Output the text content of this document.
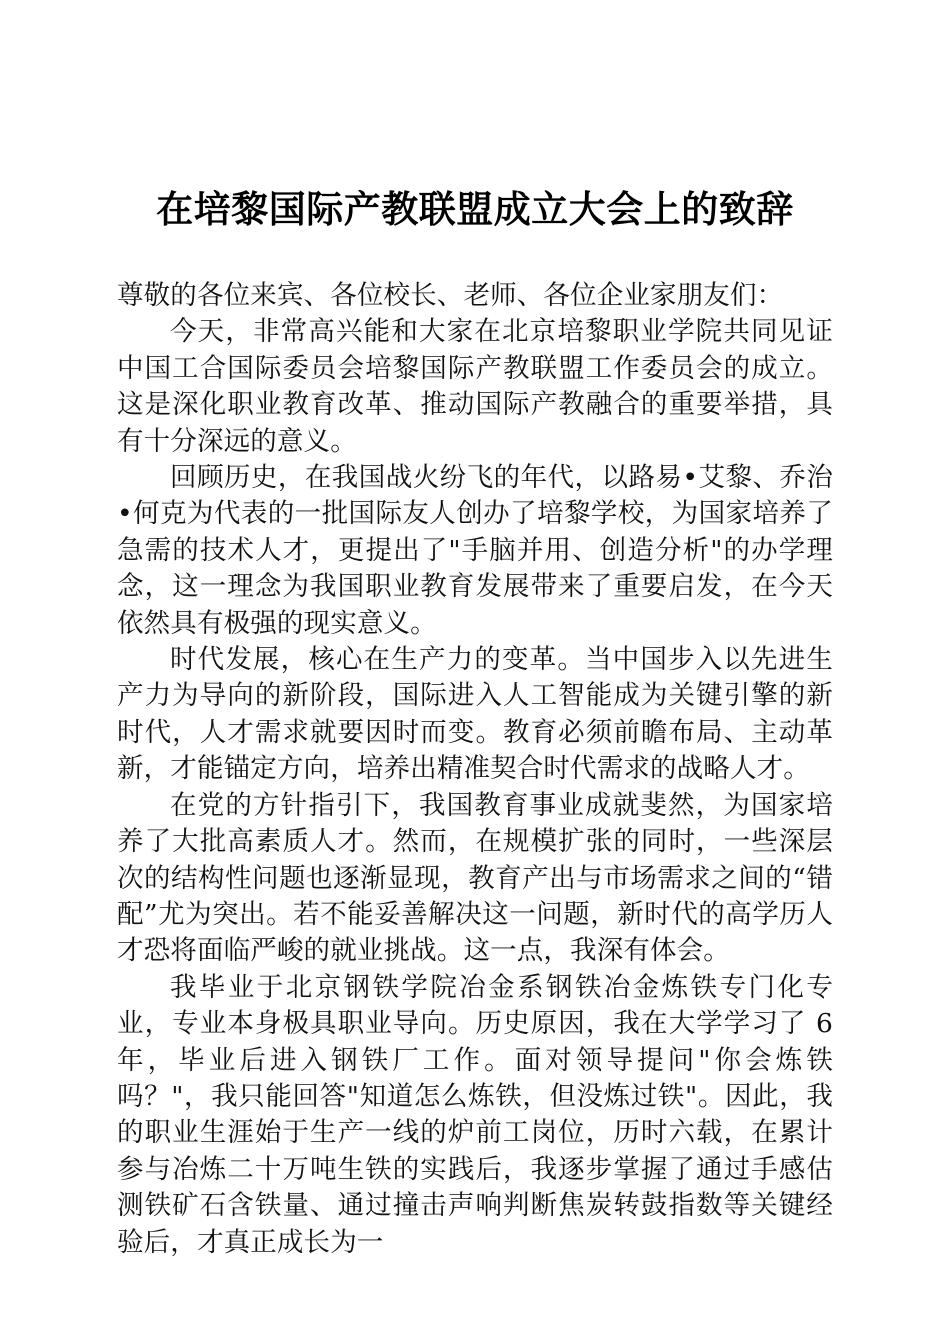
在培黎国际产教联盟成立大会上的致辞

尊敬的各位来宾、各位校长、老师、各位企业家朋友们：

今天，非常高兴能和大家在北京培黎职业学院共同见证中国工合国际委员会培黎国际产教联盟工作委员会的成立。这是深化职业教育改革、推动国际产教融合的重要举措，具有十分深远的意义。

回顾历史，在我国战火纷飞的年代，以路易•艾黎、乔治•何克为代表的一批国际友人创办了培黎学校，为国家培养了急需的技术人才，更提出了"手脑并用、创造分析"的办学理念，这一理念为我国职业教育发展带来了重要启发，在今天依然具有极强的现实意义。

时代发展，核心在生产力的变革。当中国步入以先进生产力为导向的新阶段，国际进入人工智能成为关键引擎的新时代，人才需求就要因时而变。教育必须前瞻布局、主动革新，才能锚定方向，培养出精准契合时代需求的战略人才。

在党的方针指引下，我国教育事业成就斐然，为国家培养了大批高素质人才。然而，在规模扩张的同时，一些深层次的结构性问题也逐渐显现，教育产出与市场需求之间的“错配”尤为突出。若不能妥善解决这一问题，新时代的高学历人才恐将面临严峻的就业挑战。这一点，我深有体会。

我毕业于北京钢铁学院冶金系钢铁冶金炼铁专门化专业，专业本身极具职业导向。历史原因，我在大学学习了 6 年，毕业后进入钢铁厂工作。面对领导提问"你会炼铁吗？"，我只能回答"知道怎么炼铁，但没炼过铁"。因此，我的职业生涯始于生产一线的炉前工岗位，历时六载，在累计参与冶炼二十万吨生铁的实践后，我逐步掌握了通过手感估测铁矿石含铁量、通过撞击声响判断焦炭转鼓指数等关键经验后，才真正成长为一
